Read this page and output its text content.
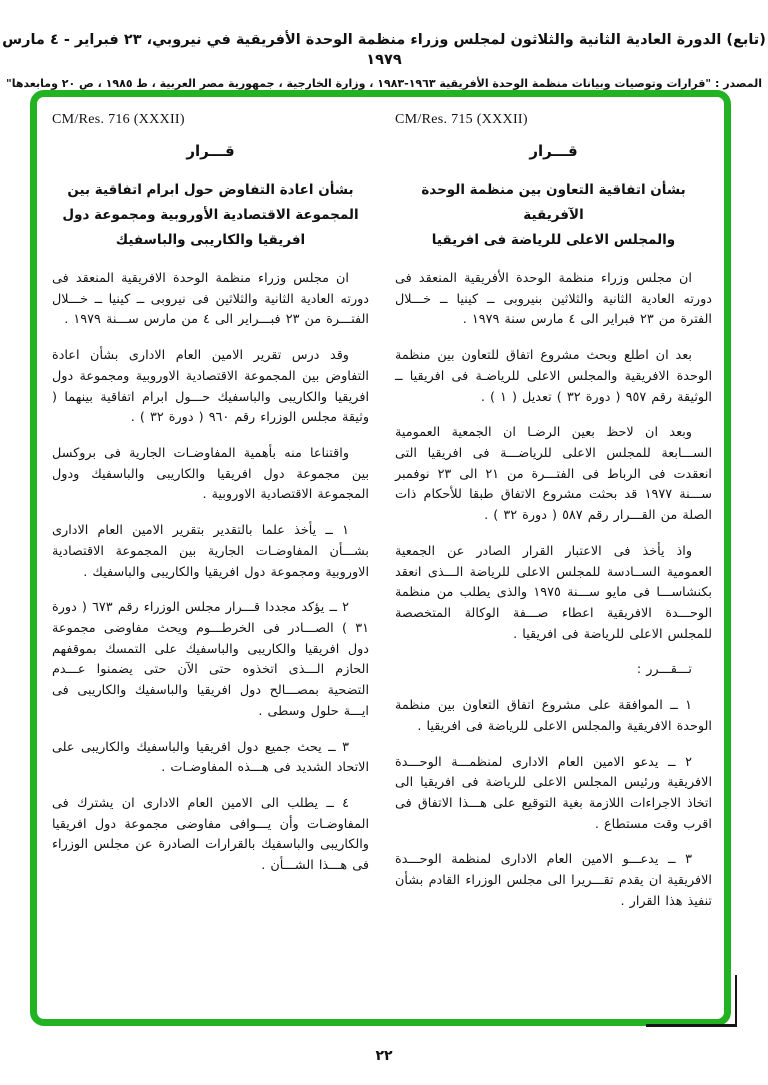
(تابع) الدورة العادية الثانية والثلاثون لمجلس وزراء منظمة الوحدة الأفريقية في نيروبي، ٢٣ فبراير - ٤ مارس ١٩٧٩
المصدر : "قرارات وتوصيات وبيانات منظمة الوحدة الأفريقية ١٩٦٣-١٩٨٣ ، وزارة الخارجية ، جمهورية مصر العربية ، ط ١٩٨٥ ، ص ٢٠ ومابعدها"
CM/Res. 716 (XXXII)
قـــرار
بشأن اعادة التفاوض حول ابرام اتفاقية بين
المجموعة الاقتصادية الأوروبية ومجموعة دول
افريقيا والكاريبى والباسفيك

ان مجلس وزراء منظمة الوحدة الافريقية المنعقد فى دورته العادية الثانية والثلاثين فى نيروبى ــ كينيا ــ خـــلال الفتـــرة من ٢٣ فبـــراير الى ٤ من مارس ســـنة ١٩٧٩ .

وقد درس تقرير الامين العام الادارى بشأن اعادة التفاوض بين المجموعة الاقتصادية الاوروبية ومجموعة دول افريقيا والكاريبى والباسفيك حـــول ابرام اتفاقية بينهما ( وثيقة مجلس الوزراء رقم ٩٦٠ ( دورة ٣٢ ) .

واقتناعا منه بأهمية المفاوضـات الجارية فى بروكسل بين مجموعة دول افريقيا والكاريبى والباسفيك ودول المجموعة الاقتصادية الاوروبية .

١ ــ يأخذ علما بالتقدير بتقرير الامين العام الادارى بشـــأن المفاوضـات الجارية بين المجموعة الاقتصادية الاوروبية ومجموعة دول افريقيا والكاريبى والباسفيك .

٢ ــ يؤكد مجددا قـــرار مجلس الوزراء رقم ٦٧٣ ( دورة ٣١ ) الصـــادر فى الخرطـــوم ويحث مفاوضى مجموعة دول افريقيا والكاريبى والباسفيك على التمسك بموقفهم الحازم الـــذى اتخذوه حتى الآن حتى يضمنوا عـــدم التضحية بمصـــالح دول افريقيا والباسفيك والكاريبى فى ايـــة حلول وسطى .

٣ ــ يحث جميع دول افريقيا والباسفيك والكاريبى على الاتحاد الشديد فى هـــذه المفاوضـات .

٤ ــ يطلب الى الامين العام الادارى ان يشترك فى المفاوضـات وأن يـــوافى مفاوضى مجموعة دول افريقيا والكاريبى والباسفيك بالقرارات الصادرة عن مجلس الوزراء فى هـــذا الشـــأن .

CM/Res. 715 (XXXII)
قـــرار
بشأن اتفاقية التعاون بين منظمة الوحدة الآفريقية
والمجلس الاعلى للرياضة فى افريقيا

ان مجلس وزراء منظمة الوحدة الأفريقية المنعقد فى دورته العادية الثانية والثلاثين بنيروبى ــ كينيا ــ خـــلال الفترة من ٢٣ فبراير الى ٤ مارس سنة ١٩٧٩ .

بعد ان اطلع وبحث مشروع اتفاق للتعاون بين منظمة الوحدة الافريقية والمجلس الاعلى للرياضـة فى افريقيا ــ الوثيقة رقم ٩٥٧ ( دورة ٣٢ ) تعديل ( ١ ) .

وبعد ان لاحظ بعين الرضـا ان الجمعية العمومية الســـابعة للمجلس الاعلى للرياضـــة فى افريقيا التى انعقدت فى الرباط فى الفتـــرة من ٢١ الى ٢٣ نوفمبر ســـنة ١٩٧٧ قد بحثت مشروع الاتفاق طبقا للأحكام ذات الصلة من القـــرار رقم ٥٨٧ ( دورة ٣٢ ) .

واذ يأخذ فى الاعتبار القرار الصادر عن الجمعية العمومية الســادسة للمجلس الاعلى للرياضة الـــذى انعقد بكنشاســـا فى مايو ســـنة ١٩٧٥ والذى يطلب من منظمة الوحـــدة الافريقية اعطاء صـــفة الوكالة المتخصصة للمجلس الاعلى للرياضة فى افريقيا .

تـــقـــرر :

١ ــ الموافقة على مشروع اتفاق التعاون بين منظمة الوحدة الافريقية والمجلس الاعلى للرياضة فى افريقيا .

٢ ــ يدعو الامين العام الادارى لمنظمـــة الوحـــدة الافريقية ورئيس المجلس الاعلى للرياضة فى افريقيا الى اتخاذ الاجراءات اللازمة بغية التوقيع على هـــذا الاتفاق فى اقرب وقت مستطاع .

٣ ــ يدعـــو الامين العام الادارى لمنظمة الوحـــدة الافريقية ان يقدم تقـــريرا الى مجلس الوزراء القادم بشأن تنفيذ هذا القرار .

٢٢
